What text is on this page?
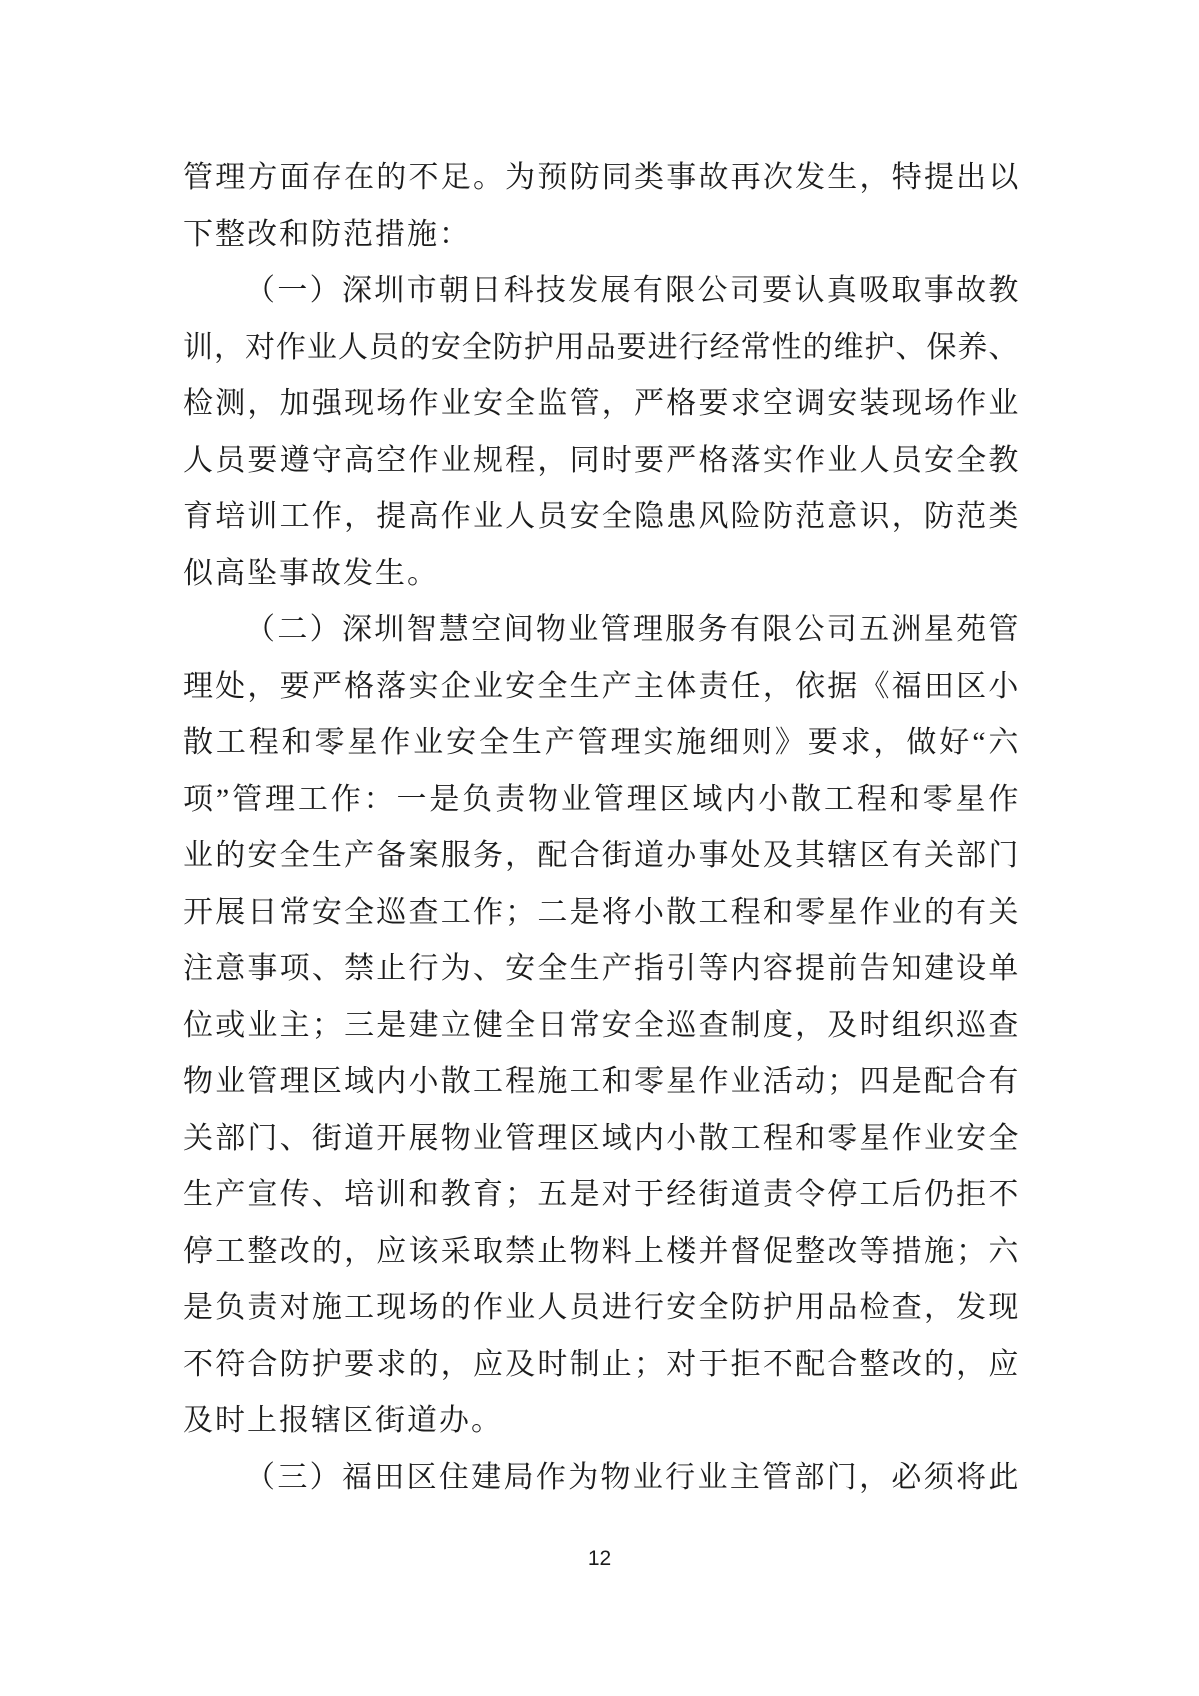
管理方面存在的不足。为预防同类事故再次发生，特提出以
下整改和防范措施：
（一）深圳市朝日科技发展有限公司要认真吸取事故教
训，对作业人员的安全防护用品要进行经常性的维护、保养、
检测，加强现场作业安全监管，严格要求空调安装现场作业
人员要遵守高空作业规程，同时要严格落实作业人员安全教
育培训工作，提高作业人员安全隐患风险防范意识，防范类
似高坠事故发生。
（二）深圳智慧空间物业管理服务有限公司五洲星苑管
理处，要严格落实企业安全生产主体责任，依据《福田区小
散工程和零星作业安全生产管理实施细则》要求，做好“六
项”管理工作：一是负责物业管理区域内小散工程和零星作
业的安全生产备案服务，配合街道办事处及其辖区有关部门
开展日常安全巡查工作；二是将小散工程和零星作业的有关
注意事项、禁止行为、安全生产指引等内容提前告知建设单
位或业主；三是建立健全日常安全巡查制度，及时组织巡查
物业管理区域内小散工程施工和零星作业活动；四是配合有
关部门、街道开展物业管理区域内小散工程和零星作业安全
生产宣传、培训和教育；五是对于经街道责令停工后仍拒不
停工整改的，应该采取禁止物料上楼并督促整改等措施；六
是负责对施工现场的作业人员进行安全防护用品检查，发现
不符合防护要求的，应及时制止；对于拒不配合整改的，应
及时上报辖区街道办。
（三）福田区住建局作为物业行业主管部门，必须将此
12
